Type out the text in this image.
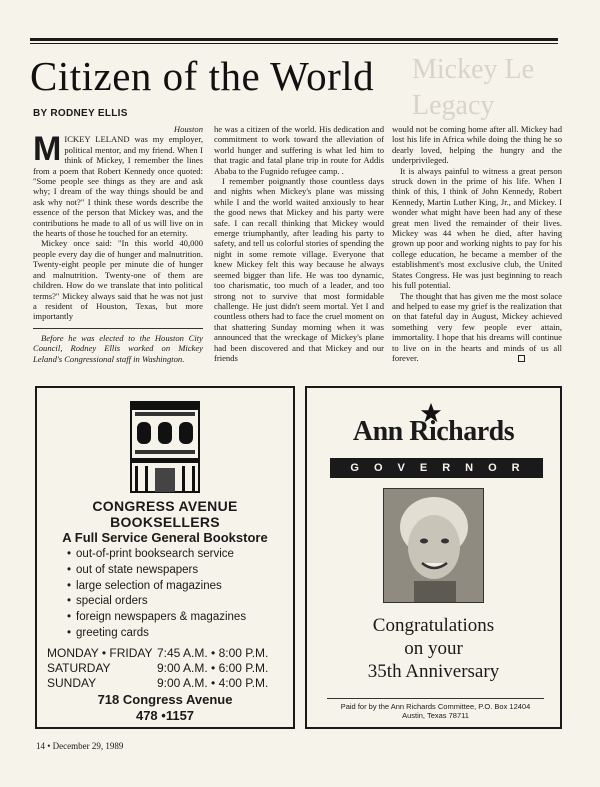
Mickey Le
Legacy
Citizen of the World
BY RODNEY ELLIS
Houston

MICKEY LELAND was my employer, political mentor, and my friend. When I think of Mickey, I remember the lines from a poem that Robert Kennedy once quoted: "Some people see things as they are and ask why; I dream of the way things should be and ask why not?" I think these words describe the essence of the person that Mickey was, and the contributions he made to all of us will live on in the hearts of those he touched for an eternity.

Mickey once said: "In this world 40,000 people every day die of hunger and malnutrition. Twenty-eight people per minute die of hunger and malnutrition. Twenty-one of them are children. How do we translate that into political terms?" Mickey always said that he was not just a resident of Houston, Texas, but more importantly

Before he was elected to the Houston City Council, Rodney Ellis worked on Mickey Leland's Congressional staff in Washington.

he was a citizen of the world. His dedication and commitment to work toward the alleviation of world hunger and suffering is what led him to that tragic and fatal plane trip in route for Addis Ababa to the Fugnido refugee camp. .

I remember poignantly those countless days and nights when Mickey's plane was missing while I and the world waited anxiously to hear the good news that Mickey and his party were safe. I can recall thinking that Mickey would emerge triumphantly, after leading his party to safety, and tell us colorful stories of spending the night in some remote village. Everyone that knew Mickey felt this way because he always seemed bigger than life. He was too dynamic, too charismatic, too much of a leader, and too strong not to survive that most formidable challenge. He just didn't seem mortal. Yet I and countless others had to face the cruel moment on that shattering Sunday morning when it was announced that the wreckage of Mickey's plane had been discovered and that Mickey and our friends

would not be coming home after all. Mickey had lost his life in Africa while doing the thing he so dearly loved, helping the hungry and the underprivileged.

It is always painful to witness a great person struck down in the prime of his life. When I think of this, I think of John Kennedy, Robert Kennedy, Martin Luther King, Jr., and Mickey. I wonder what might have been had any of these great men lived the remainder of their lives. Mickey was 44 when he died, after having grown up poor and working nights to pay for his college education, he became a member of the establishment's most exclusive club, the United States Congress. He was just beginning to reach his full potential.

The thought that has given me the most solace and helped to ease my grief is the realization that on that fateful day in August, Mickey achieved something very few people ever attain, immortality. I hope that his dreams will continue to live on in the hearts and minds of us all forever.

CONGRESS AVENUE
BOOKSELLERS
A Full Service General Bookstore
• out-of-print booksearch service
• out of state newspapers
• large selection of magazines
• special orders
• foreign newspapers & magazines
• greeting cards
MONDAY • FRIDAY 7:45 A.M. • 8:00 P.M.
SATURDAY	9:00 A.M. • 6:00 P.M.
SUNDAY	9:00 A.M. • 4:00 P.M.
718 Congress Avenue
478 •1157
Ann Richards
GOVERNOR
Congratulations
on your
35th Anniversary
Paid for by the Ann Richards Committee, P.O. Box 12404
Austin, Texas 78711
14 • December 29, 1989
